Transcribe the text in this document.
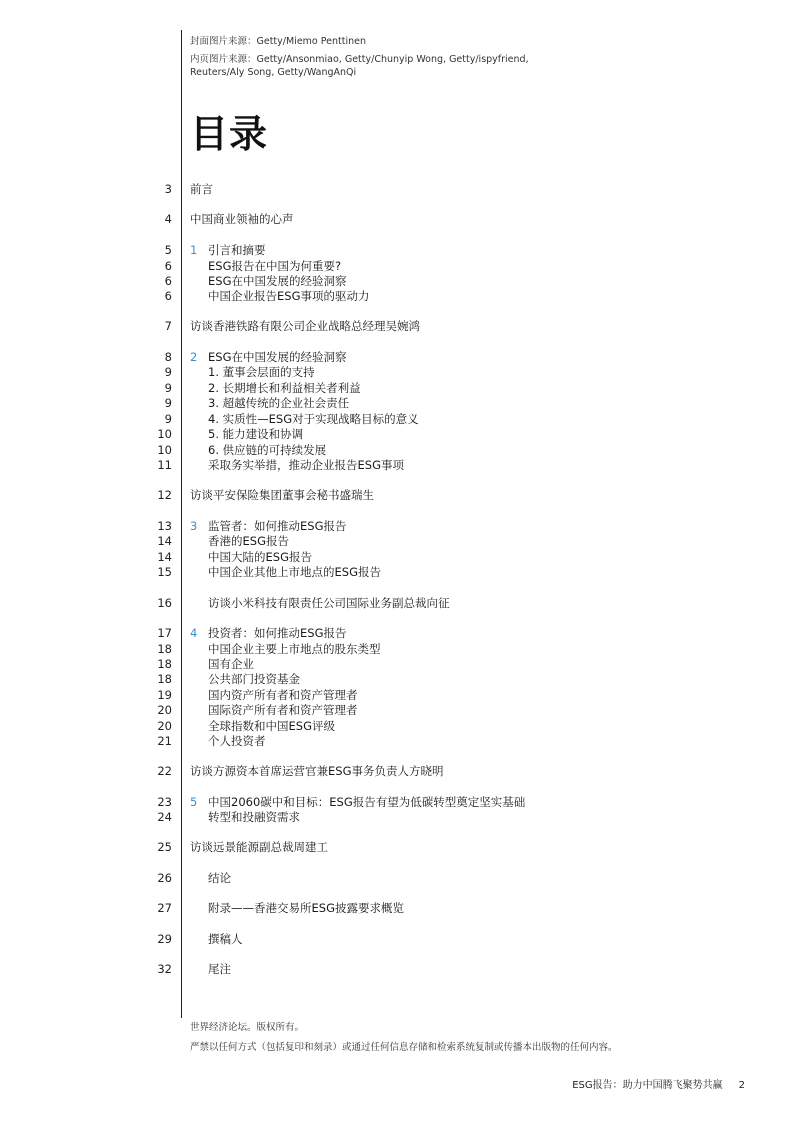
封面图片来源：Getty/Miemo Penttinen
内页图片来源：Getty/Ansonmiao, Getty/Chunyip Wong, Getty/ispyfriend,
Reuters/Aly Song, Getty/WangAnQi
目录
3 前言
4 中国商业领袖的心声
5 1 引言和摘要
6	ESG报告在中国为何重要?
6	ESG在中国发展的经验洞察
6	中国企业报告ESG事项的驱动力
7 访谈香港铁路有限公司企业战略总经理吴婉鸿
8 2 ESG在中国发展的经验洞察
9	1. 董事会层面的支持
9	2. 长期增长和利益相关者利益
9	3. 超越传统的企业社会责任
9	4. 实质性—ESG对于实现战略目标的意义
10	5. 能力建设和协调
10	6. 供应链的可持续发展
11	采取务实举措，推动企业报告ESG事项
12 访谈平安保险集团董事会秘书盛瑞生
13 3 监管者：如何推动ESG报告
14	香港的ESG报告
14	中国大陆的ESG报告
15	中国企业其他上市地点的ESG报告
16	访谈小米科技有限责任公司国际业务副总裁向征
17 4 投资者：如何推动ESG报告
18	中国企业主要上市地点的股东类型
18	国有企业
18	公共部门投资基金
19	国内资产所有者和资产管理者
20	国际资产所有者和资产管理者
20	全球指数和中国ESG评级
21	个人投资者
22 访谈方源资本首席运营官兼ESG事务负责人方晓明
23 5 中国2060碳中和目标：ESG报告有望为低碳转型奠定坚实基础
24	转型和投融资需求
25 访谈远景能源副总裁周建工
26	结论
27	附录——香港交易所ESG披露要求概览
29	撰稿人
32	尾注
世界经济论坛。版权所有。
严禁以任何方式（包括复印和刻录）或通过任何信息存储和检索系统复制或传播本出版物的任何内容。
ESG报告：助力中国腾飞聚势共赢 2
